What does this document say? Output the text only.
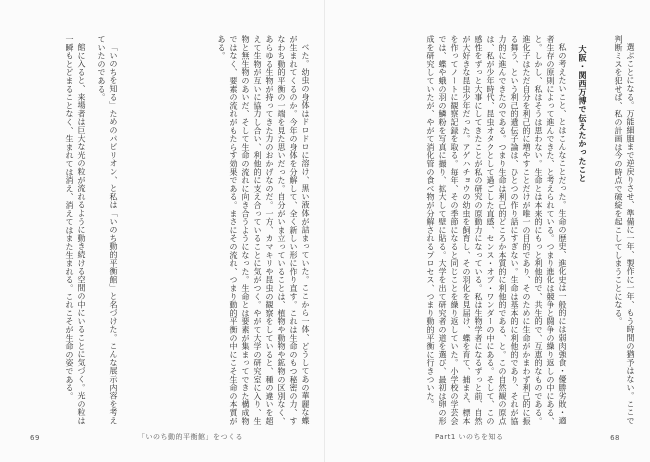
べた。幼虫の身体はドロドロに溶け、黒い液体が詰まっていた。ここから一体、どうしてあの華麗な蝶が生まれてくるのか。今年の身体を分解して、全く新しい形に作り直す。これは生命のもつ秘密の力、すなわち動的平衡の一端を見た思いだった。自分がいま立っていることは、植物や動物や鉱物の区別なく、あらゆる生物が持ってきた力のおかげなのだ。一方、カマキリや昆虫の観察をしていると、種の違いを超えて生物が互いに協力し合い、利他的に支え合っていることに気がつく。やがて大学の研究室に入り、生物と無生物のあいだ、そして生命の流れに向き合うようになった。生命とは要素が集まってできた構成物ではなく、要素の流れがもたらす効果である。まさにその流れ、つまり動的平衡の中にこそ生命の本質がある。

「いのちを知る」ためのパビリオン、と私は「いのち動的平衡館」と名づけた。こんな展示内容を考えていたのである。

館に入ると、来場者は巨大な光の粒が流れるように動き続ける空間の中にいることに気づく。光の粒は一瞬もとどまることなく、生まれては消え、消えてはまた生まれる。これこそが生命の姿である。

69	「いのち動的平衡館」をつくる

選ぶことになる。万能細胞まで逆戻りさせ、準備に一年、製作に一年、もう時間の猶予はない。ここで判断ミスを犯せば、私の計画は今の時点で破綻を起こしてしまうことになる。

大阪・関西万博で伝えたかったこと

私の考えたいこと、とはこんなことだった。生命の歴史、進化史は一般的には弱肉強食・優勝劣敗・適者生存の原則によって進んできた、と考えられている。つまり進化は競争と闘争の繰り返しの中にある、と。しかし、私はそうは思わない。生命とは本来的にもっと利他的で、共生的で、互恵的なものである。進化子はただ自分を利己的に増やすことだけが唯一の目的であり、そのために生命がかまわず利己的に振る舞う、という利己的遺伝子論は、ひとつの作り話にすぎない。生命は基本的に利他的であり、それが協力的に進んできたのである。つまり生命は利己的どころか本質的に利他的である、と。この自然観の原点は、私が少年時代、昆虫オタクとして過ごした直感、センス・オブ・ワンダーの中にある。そして、この感性をずっと大事にしてきたことが私の研究の原動力になっている。私は生物学者になるずっと前、自然が大好きな昆虫少年だった。アゲハチョウの幼虫を飼育し、その羽化を見届け、蝶を育て、捕まえ、標本を作ってノートに観察記録を取る。毎年、その季節になると同じことを繰り返していた。小学校の学芸会では、蝶や蛾の羽の鱗粉を写真に撮り、拡大して壁に貼る。大学を出て研究者の道を選び、最初は卵の形成を研究していたが、やがて消化管の食べ物が分解されるプロセス、つまり動的平衡に行きついた。

Part1 いのちを知る	68
